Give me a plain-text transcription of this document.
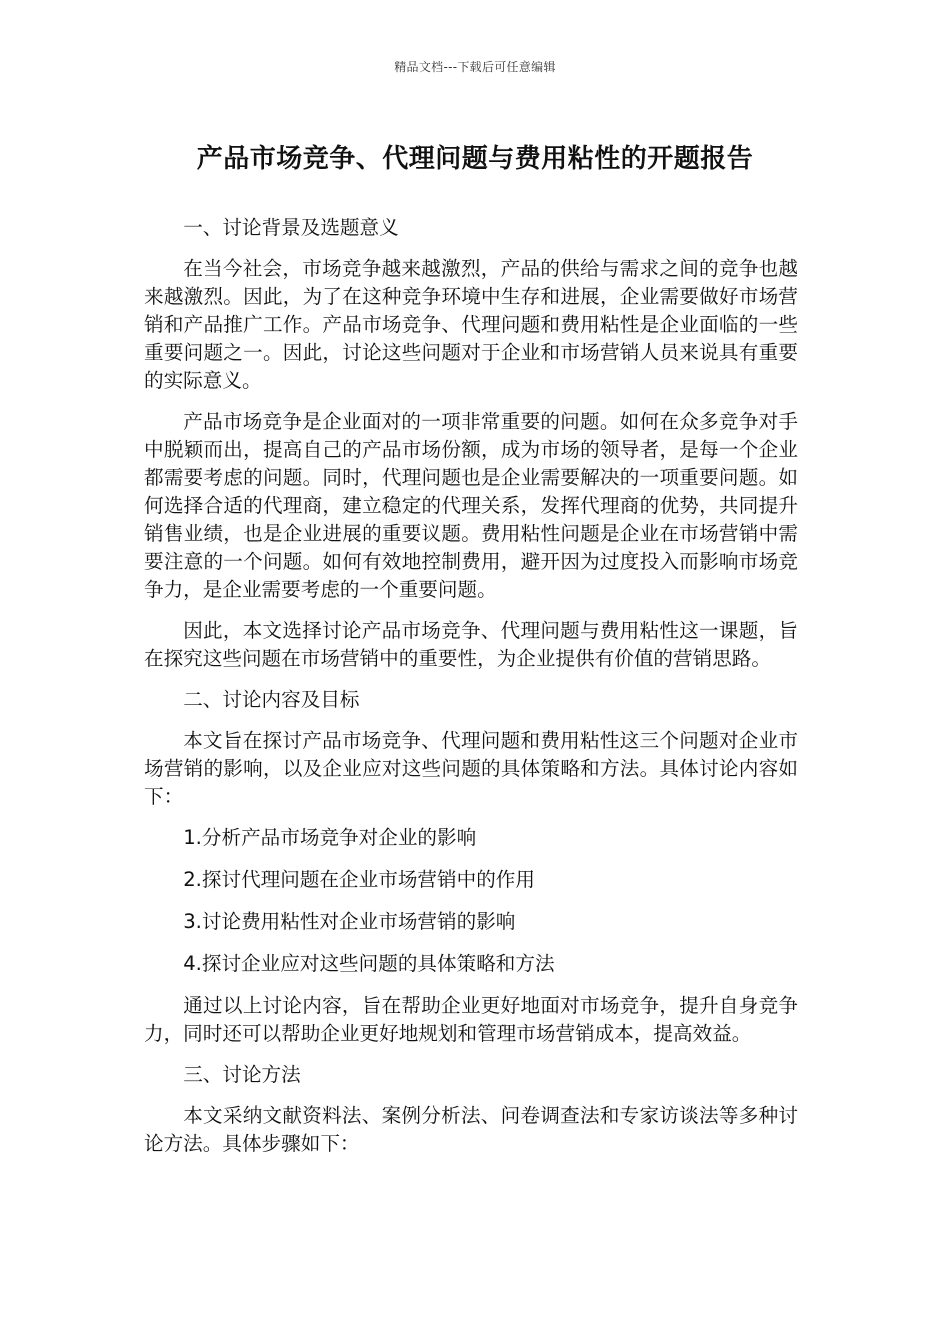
精品文档---下载后可任意编辑
产品市场竞争、代理问题与费用粘性的开题报告

一、讨论背景及选题意义

在当今社会，市场竞争越来越激烈，产品的供给与需求之间的竞争也越来越激烈。因此，为了在这种竞争环境中生存和进展，企业需要做好市场营销和产品推广工作。产品市场竞争、代理问题和费用粘性是企业面临的一些重要问题之一。因此，讨论这些问题对于企业和市场营销人员来说具有重要的实际意义。

产品市场竞争是企业面对的一项非常重要的问题。如何在众多竞争对手中脱颖而出，提高自己的产品市场份额，成为市场的领导者，是每一个企业都需要考虑的问题。同时，代理问题也是企业需要解决的一项重要问题。如何选择合适的代理商，建立稳定的代理关系，发挥代理商的优势，共同提升销售业绩，也是企业进展的重要议题。费用粘性问题是企业在市场营销中需要注意的一个问题。如何有效地控制费用，避开因为过度投入而影响市场竞争力，是企业需要考虑的一个重要问题。

因此，本文选择讨论产品市场竞争、代理问题与费用粘性这一课题，旨在探究这些问题在市场营销中的重要性，为企业提供有价值的营销思路。

二、讨论内容及目标

本文旨在探讨产品市场竞争、代理问题和费用粘性这三个问题对企业市场营销的影响，以及企业应对这些问题的具体策略和方法。具体讨论内容如下：

1.分析产品市场竞争对企业的影响

2.探讨代理问题在企业市场营销中的作用

3.讨论费用粘性对企业市场营销的影响

4.探讨企业应对这些问题的具体策略和方法

通过以上讨论内容，旨在帮助企业更好地面对市场竞争，提升自身竞争力，同时还可以帮助企业更好地规划和管理市场营销成本，提高效益。

三、讨论方法

本文采纳文献资料法、案例分析法、问卷调查法和专家访谈法等多种讨论方法。具体步骤如下：
